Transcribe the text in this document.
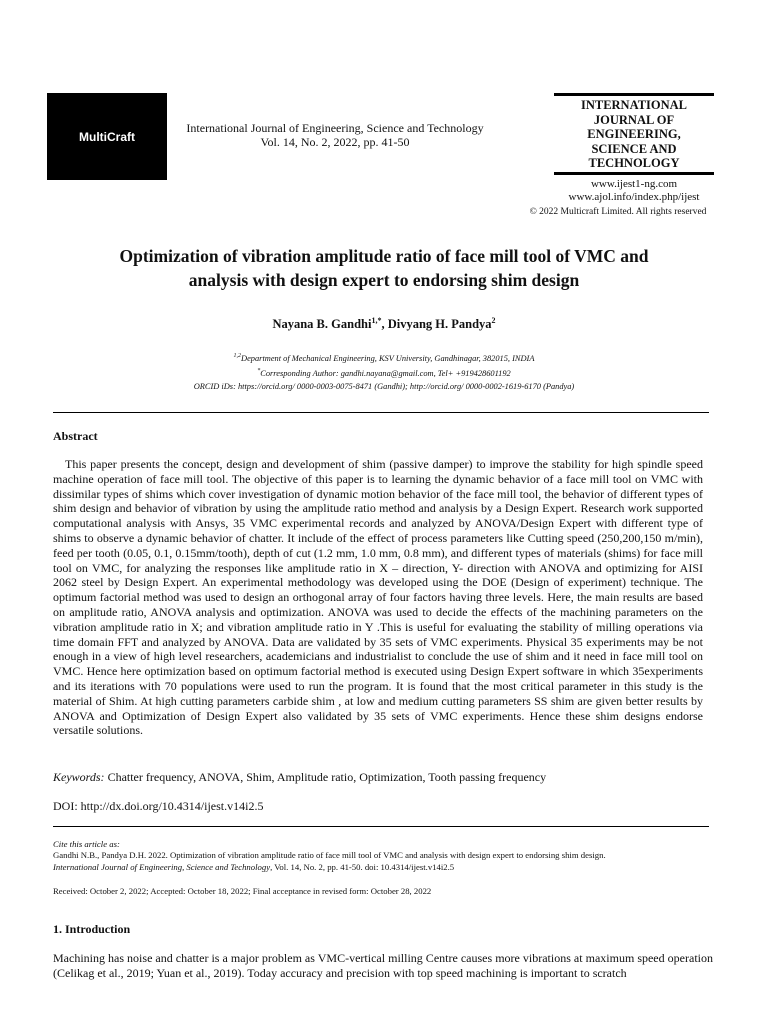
MultiCraft
International Journal of Engineering, Science and Technology
Vol. 14, No. 2, 2022, pp. 41-50
INTERNATIONAL
JOURNAL OF
ENGINEERING,
SCIENCE AND
TECHNOLOGY
www.ijest1-ng.com
www.ajol.info/index.php/ijest
© 2022 Multicraft Limited. All rights reserved
Optimization of vibration amplitude ratio of face mill tool of VMC and
analysis with design expert to endorsing shim design
Nayana B. Gandhi$^{1,*}$, Divyang H. Pandya$^2$
$^{1,2}$Department of Mechanical Engineering, KSV University, Gandhinagar, 382015, INDIA
*Corresponding Author: gandhi.nayana@gmail.com, Tel+ +919428601192
ORCID iDs: https://orcid.org/ 0000-0003-0075-8471 (Gandhi); http://orcid.org/ 0000-0002-1619-6170 (Pandya)
Abstract
This paper presents the concept, design and development of shim (passive damper) to improve the stability for high spindle speed machine operation of face mill tool. The objective of this paper is to learning the dynamic behavior of a face mill tool on VMC with dissimilar types of shims which cover investigation of dynamic motion behavior of the face mill tool, the behavior of different types of shim design and behavior of vibration by using the amplitude ratio method and analysis by a Design Expert. Research work supported computational analysis with Ansys, 35 VMC experimental records and analyzed by ANOVA/Design Expert with different type of shims to observe a dynamic behavior of chatter. It include of the effect of process parameters like Cutting speed (250,200,150 m/min), feed per tooth (0.05, 0.1, 0.15mm/tooth), depth of cut (1.2 mm, 1.0 mm, 0.8 mm), and different types of materials (shims) for face mill tool on VMC, for analyzing the responses like amplitude ratio in X – direction, Y- direction with ANOVA and optimizing for AISI 2062 steel by Design Expert. An experimental methodology was developed using the DOE (Design of experiment) technique. The optimum factorial method was used to design an orthogonal array of four factors having three levels. Here, the main results are based on amplitude ratio, ANOVA analysis and optimization. ANOVA was used to decide the effects of the machining parameters on the vibration amplitude ratio in X; and vibration amplitude ratio in Y .This is useful for evaluating the stability of milling operations via time domain FFT and analyzed by ANOVA. Data are validated by 35 sets of VMC experiments. Physical 35 experiments may be not enough in a view of high level researchers, academicians and industrialist to conclude the use of shim and it need in face mill tool on VMC. Hence here optimization based on optimum factorial method is executed using Design Expert software in which 35experiments and its iterations with 70 populations were used to run the program. It is found that the most critical parameter in this study is the material of Shim. At high cutting parameters carbide shim , at low and medium cutting parameters SS shim are given better results by ANOVA and Optimization of Design Expert also validated by 35 sets of VMC experiments. Hence these shim designs endorse versatile solutions.
Keywords: Chatter frequency, ANOVA, Shim, Amplitude ratio, Optimization, Tooth passing frequency
DOI: http://dx.doi.org/10.4314/ijest.v14i2.5
Cite this article as:
Gandhi N.B., Pandya D.H. 2022. Optimization of vibration amplitude ratio of face mill tool of VMC and analysis with design expert to endorsing shim design.
International Journal of Engineering, Science and Technology, Vol. 14, No. 2, pp. 41-50. doi: 10.4314/ijest.v14i2.5
Received: October 2, 2022; Accepted: October 18, 2022; Final acceptance in revised form: October 28, 2022
1. Introduction
Machining has noise and chatter is a major problem as VMC-vertical milling Centre causes more vibrations at maximum speed operation (Celikag et al., 2019; Yuan et al., 2019). Today accuracy and precision with top speed machining is important to scratch
